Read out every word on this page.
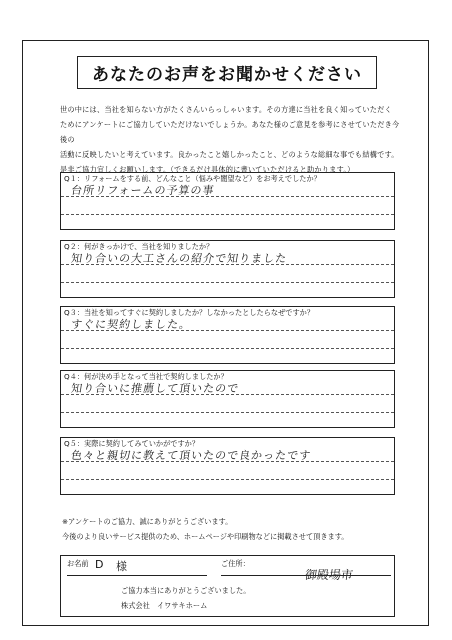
あなたのお声をお聞かせください
世の中には、当社を知らない方がたくさんいらっしゃいます。その方達に当社を良く知っていただく
ためにアンケートにご協力していただけないでしょうか。あなた様のご意見を参考にさせていただき今後の
活動に反映したいと考えています。良かったこと嬉しかったこと、どのような総細な事でも結構です。
是非ご協力宜しくお願いします。（できるだけ具体的に書いていただけると助かります。）
Q１：リフォームをする前、どんなこと（悩みや闇望など）をお考えでしたか？
台所リフォームの予算の事
Q２：何がきっかけで、当社を知りましたか？
知り合いの大工さんの紹介で知りました
Q３：当社を知ってすぐに契約しましたか？しなかったとしたらなぜですか？
すぐに契約しました。
Q４：何が決め手となって当社で契約しましたか？
知り合いに推薦して頂いたので
Q５：実際に契約してみていかがですか？
色々と親切に教えて頂いたので良かったです
※アンケートのご協力、誠にありがとうございます。
今後のより良いサービス提供のため、ホームページや印刷物などに掲載させて頂きます。
お名前 D 様	ご住所：
御殿場市
ご協力本当にありがとうございました。
株式会社　イワサキホーム
